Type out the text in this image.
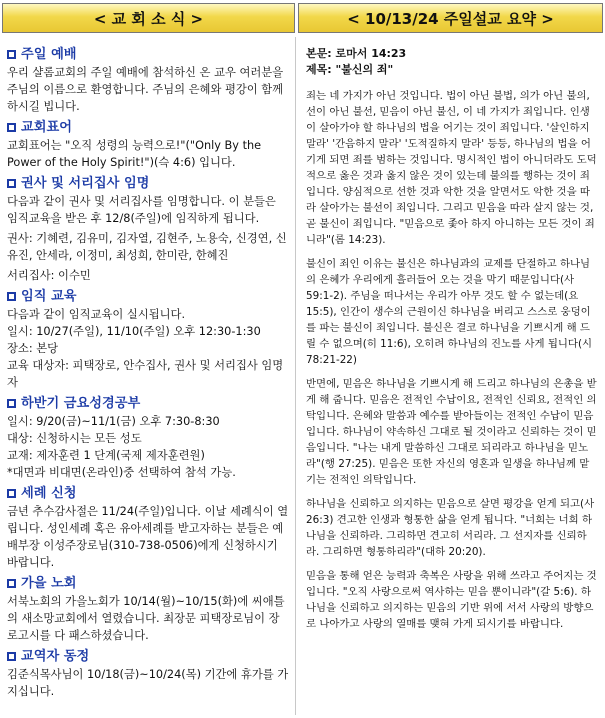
< 교 회 소 식 >	< 10/13/24 주일설교 요약 >
주일 예배

우리 샬롬교회의 주일 예배에 참석하신 온 교우 여러분을 주님의 이름으로 환영합니다. 주님의 은혜와 평강이 함께 하시길 빕니다.

교회표어

교회표어는 "오직 성령의 능력으로!"("Only By the Power of the Holy Spirit!")(슥 4:6) 입니다.

권사 및 서리집사 임명

다음과 같이 권사 및 서리집사를 임명합니다. 이 분들은 임직교육을 받은 후 12/8(주일)에 임직하게 됩니다.

권사: 기혜련, 김유미, 김자열, 김현주, 노용숙, 신경연, 신유진, 안세라, 이정미, 최성희, 한미란, 한혜진

서리집사: 이수민

임직 교육

다음과 같이 임직교육이 실시됩니다.

일시: 10/27(주일), 11/10(주일) 오후 12:30-1:30

장소: 본당

교육 대상자: 피택장로, 안수집사, 권사 및 서리집사 임명자

하반기 금요성경공부

일시: 9/20(금)~11/1(금) 오후 7:30-8:30

대상: 신청하시는 모든 성도

교재: 제자훈련 1 단계(국제 제자훈련원)

*대면과 비대면(온라인)중 선택하여 참석 가능.

세례 신청

금년 추수감사절은 11/24(주일)입니다. 이날 세례식이 열립니다. 성인세례 혹은 유아세례를 받고자하는 분들은 예배부장 이성주장로님(310-738-0506)에게 신청하시기 바랍니다.

가을 노회

서북노회의 가을노회가 10/14(월)~10/15(화)에 씨애틀의 새소망교회에서 열렸습니다. 최장문 피택장로님이 장로고시를 다 패스하셨습니다.

교역자 동정

김준식목사님이 10/18(금)~10/24(목) 기간에 휴가를 가지십니다.

본문: 로마서 14:23

제목: "불신의 죄"

죄는 네 가지가 아닌 것입니다. 법이 아닌 불법, 의가 아닌 불의, 선이 아닌 불선, 믿음이 아닌 불신, 이 네 가지가 죄입니다. 인생이 살아가야 할 하나님의 법을 어기는 것이 죄입니다. '살인하지 말라' '간음하지 말라' '도적질하지 말라' 등등, 하나님의 법을 어기게 되면 죄를 범하는 것입니다. 명시적인 법이 아니더라도 도덕적으로 옳은 것과 옳지 않은 것이 있는데 불의를 행하는 것이 죄입니다. 양심적으로 선한 것과 악한 것을 알면서도 악한 것을 따라 살아가는 불선이 죄입니다. 그리고 믿음을 따라 살지 않는 것, 곧 불신이 죄입니다. "믿음으로 좇아 하지 아니하는 모든 것이 죄니라"(롬 14:23).

불신이 죄인 이유는 불신은 하나님과의 교제를 단절하고 하나님의 은혜가 우리에게 흘러들어 오는 것을 막기 때문입니다(사 59:1-2). 주님을 떠나서는 우리가 아무 것도 할 수 없는데(요 15:5), 인간이 생수의 근원이신 하나님을 버리고 스스로 웅덩이를 파는 불신이 죄입니다. 불신은 결코 하나님을 기쁘시게 해 드릴 수 없으며(히 11:6), 오히려 하나님의 진노를 사게 됩니다(시 78:21-22)

반면에, 믿음은 하나님을 기쁘시게 해 드리고 하나님의 은총을 받게 해 줍니다. 믿음은 전적인 수납이요, 전적인 신뢰요, 전적인 의탁입니다. 은혜와 말씀과 예수를 받아들이는 전적인 수납이 믿음입니다. 하나님이 약속하신 그대로 될 것이라고 신뢰하는 것이 믿음입니다. "나는 내게 말씀하신 그대로 되리라고 하나님을 믿노라"(행 27:25). 믿음은 또한 자신의 영혼과 일생을 하나님께 맡기는 전적인 의탁입니다.

하나님을 신뢰하고 의지하는 믿음으로 살면 평강을 얻게 되고(사 26:3) 견고한 인생과 형통한 삶을 얻게 됩니다. "너희는 너희 하나님을 신뢰하라. 그리하면 견고히 서리라. 그 선지자를 신뢰하라. 그리하면 형통하리라"(대하 20:20).

믿음을 통해 얻은 능력과 축복은 사랑을 위해 쓰라고 주어지는 것입니다. "오직 사랑으로써 역사하는 믿음 뿐이니라"(갈 5:6). 하나님을 신뢰하고 의지하는 믿음의 기반 위에 서서 사랑의 방향으로 나아가고 사랑의 열매를 맺혀 가게 되시기를 바랍니다.
